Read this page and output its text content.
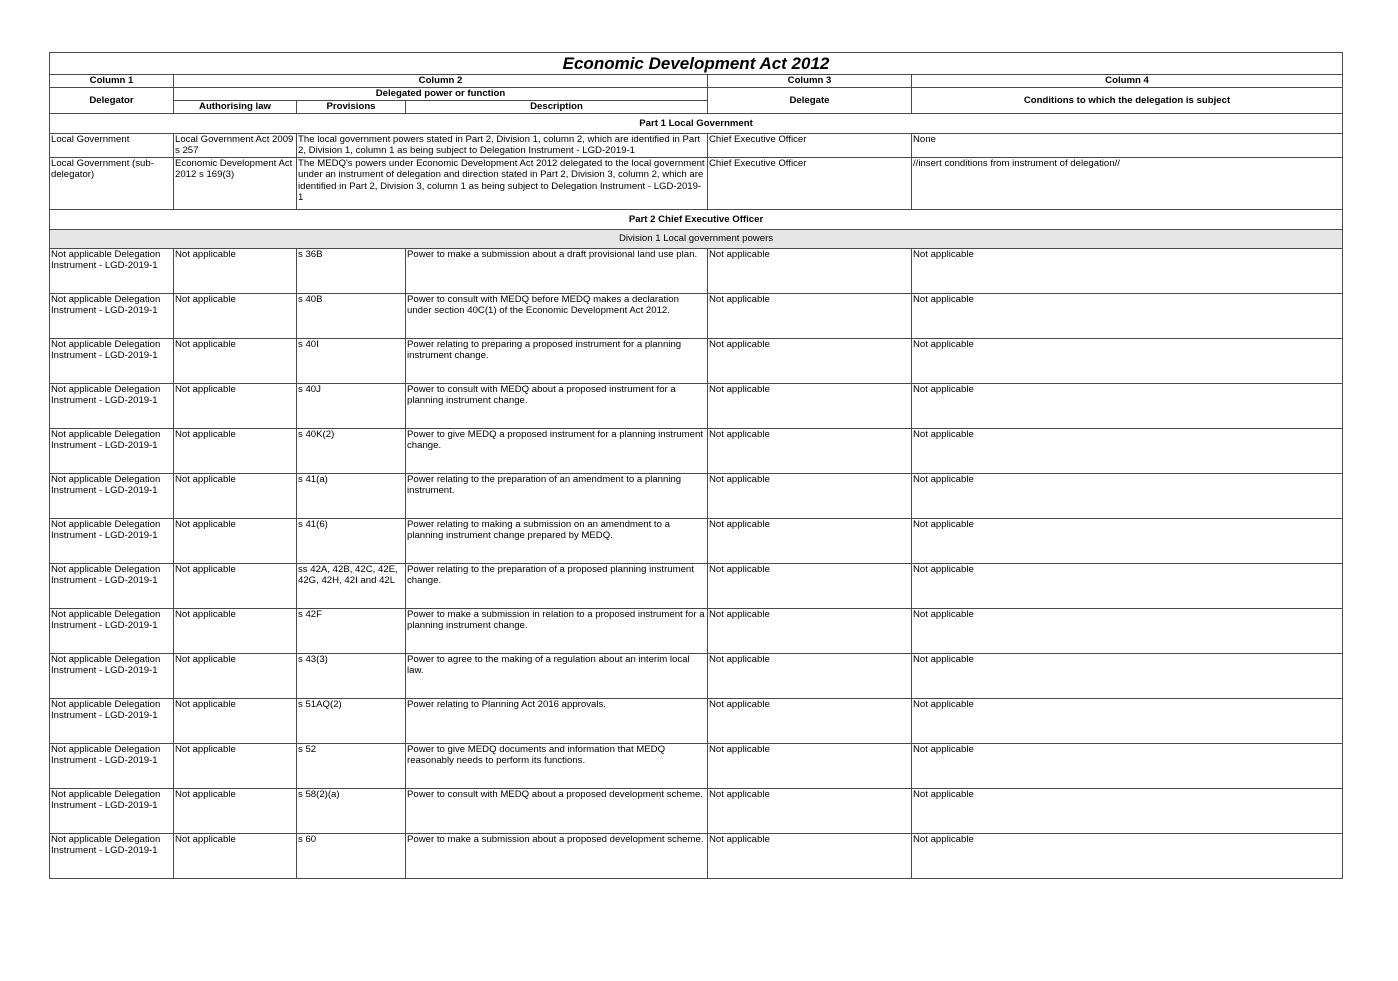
Economic Development Act 2012					
Column 1	Column 2			Column 3	Column 4
Delegator	Delegated power or function			Delegate	Conditions to which the delegation is subject
	Authorising law	Provisions	Description		
Part 1 Local Government					
Local Government	Local Government Act 2009 s 257	The local government powers stated in Part 2, Division 1, column 2, which are identified in Part 2, Division 1, column 1 as being subject to Delegation Instrument - LGD-2019-1		Chief Executive Officer	None
Local Government (sub-delegator)	Economic Development Act 2012 s 169(3)	The MEDQ's powers under Economic Development Act 2012 delegated to the local government under an instrument of delegation and direction stated in Part 2, Division 3, column 2, which are identified in Part 2, Division 3, column 1 as being subject to Delegation Instrument - LGD-2019-1		Chief Executive Officer	//insert conditions from instrument of delegation//
Part 2 Chief Executive Officer					
Division 1 Local government powers					
Not applicable Delegation Instrument - LGD-2019-1	Not applicable	s 36B	Power to make a submission about a draft provisional land use plan.	Not applicable	Not applicable
Not applicable Delegation Instrument - LGD-2019-1	Not applicable	s 40B	Power to consult with MEDQ before MEDQ makes a declaration under section 40C(1) of the Economic Development Act 2012.	Not applicable	Not applicable
Not applicable Delegation Instrument - LGD-2019-1	Not applicable	s 40I	Power relating to preparing a proposed instrument for a planning instrument change.	Not applicable	Not applicable
Not applicable Delegation Instrument - LGD-2019-1	Not applicable	s 40J	Power to consult with MEDQ about a proposed instrument for a planning instrument change.	Not applicable	Not applicable
Not applicable Delegation Instrument - LGD-2019-1	Not applicable	s 40K(2)	Power to give MEDQ a proposed instrument for a planning instrument change.	Not applicable	Not applicable
Not applicable Delegation Instrument - LGD-2019-1	Not applicable	s 41(a)	Power relating to the preparation of an amendment to a planning instrument.	Not applicable	Not applicable
Not applicable Delegation Instrument - LGD-2019-1	Not applicable	s 41(6)	Power relating to making a submission on an amendment to a planning instrument change prepared by MEDQ.	Not applicable	Not applicable
Not applicable Delegation Instrument - LGD-2019-1	Not applicable	ss 42A, 42B, 42C, 42E, 42G, 42H, 42I and 42L	Power relating to the preparation of a proposed planning instrument change.	Not applicable	Not applicable
Not applicable Delegation Instrument - LGD-2019-1	Not applicable	s 42F	Power to make a submission in relation to a proposed instrument for a planning instrument change.	Not applicable	Not applicable
Not applicable Delegation Instrument - LGD-2019-1	Not applicable	s 43(3)	Power to agree to the making of a regulation about an interim local law.	Not applicable	Not applicable
Not applicable Delegation Instrument - LGD-2019-1	Not applicable	s 51AQ(2)	Power relating to Planning Act 2016 approvals.	Not applicable	Not applicable
Not applicable Delegation Instrument - LGD-2019-1	Not applicable	s 52	Power to give MEDQ documents and information that MEDQ reasonably needs to perform its functions.	Not applicable	Not applicable
Not applicable Delegation Instrument - LGD-2019-1	Not applicable	s 58(2)(a)	Power to consult with MEDQ about a proposed development scheme.	Not applicable	Not applicable
Not applicable Delegation Instrument - LGD-2019-1	Not applicable	s 60	Power to make a submission about a proposed development scheme.	Not applicable	Not applicable
